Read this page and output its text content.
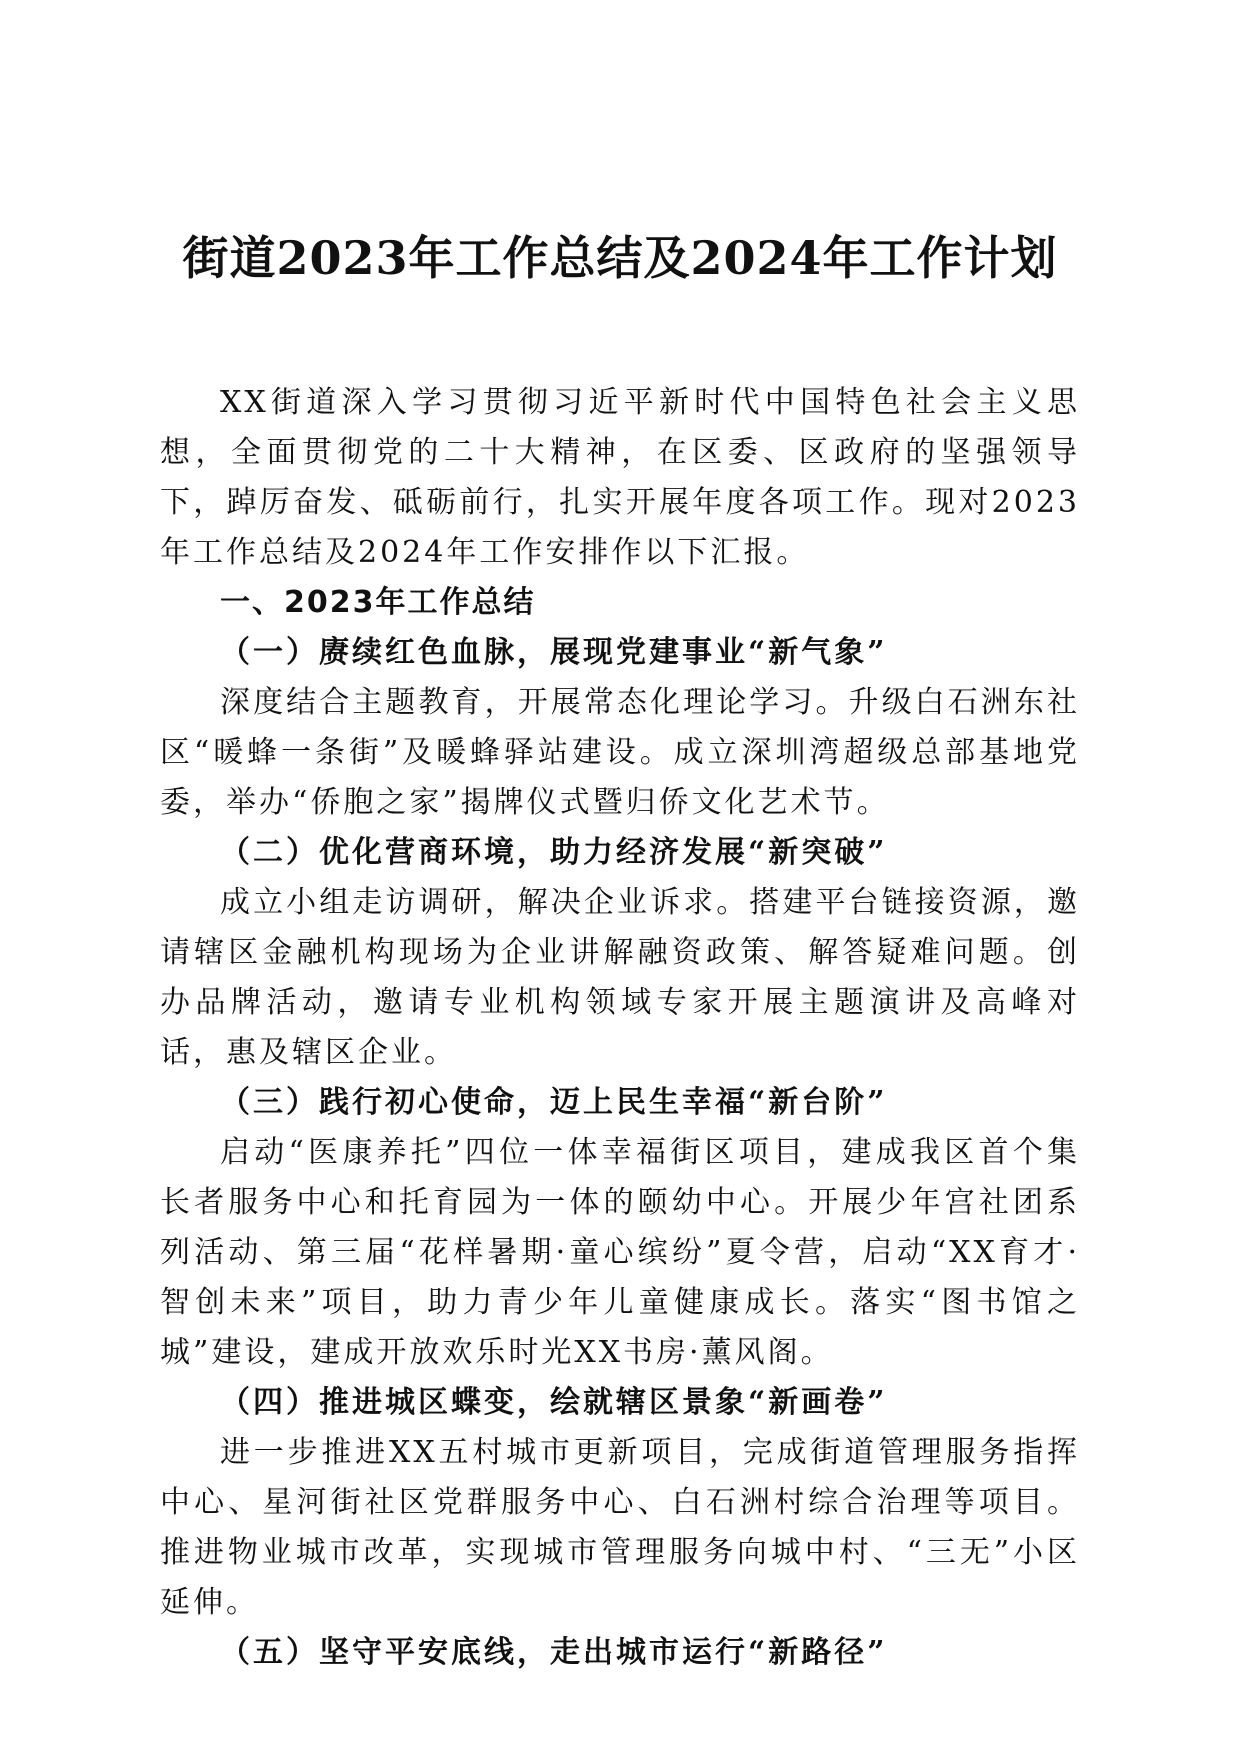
街道2023年工作总结及2024年工作计划

XX街道深入学习贯彻习近平新时代中国特色社会主义思想，全面贯彻党的二十大精神，在区委、区政府的坚强领导下，踔厉奋发、砥砺前行，扎实开展年度各项工作。现对2023年工作总结及2024年工作安排作以下汇报。

一、2023年工作总结

（一）赓续红色血脉，展现党建事业“新气象”

深度结合主题教育，开展常态化理论学习。升级白石洲东社区“暖蜂一条街”及暖蜂驿站建设。成立深圳湾超级总部基地党委，举办“侨胞之家”揭牌仪式暨归侨文化艺术节。

（二）优化营商环境，助力经济发展“新突破”

成立小组走访调研，解决企业诉求。搭建平台链接资源，邀请辖区金融机构现场为企业讲解融资政策、解答疑难问题。创办品牌活动，邀请专业机构领域专家开展主题演讲及高峰对话，惠及辖区企业。

（三）践行初心使命，迈上民生幸福“新台阶”

启动“医康养托”四位一体幸福街区项目，建成我区首个集长者服务中心和托育园为一体的颐幼中心。开展少年宫社团系列活动、第三届“花样暑期·童心缤纷”夏令营，启动“XX育才·智创未来”项目，助力青少年儿童健康成长。落实“图书馆之城”建设，建成开放欢乐时光XX书房·薰风阁。

（四）推进城区蝶变，绘就辖区景象“新画卷”

进一步推进XX五村城市更新项目，完成街道管理服务指挥中心、星河街社区党群服务中心、白石洲村综合治理等项目。推进物业城市改革，实现城市管理服务向城中村、“三无”小区延伸。

（五）坚守平安底线，走出城市运行“新路径”
